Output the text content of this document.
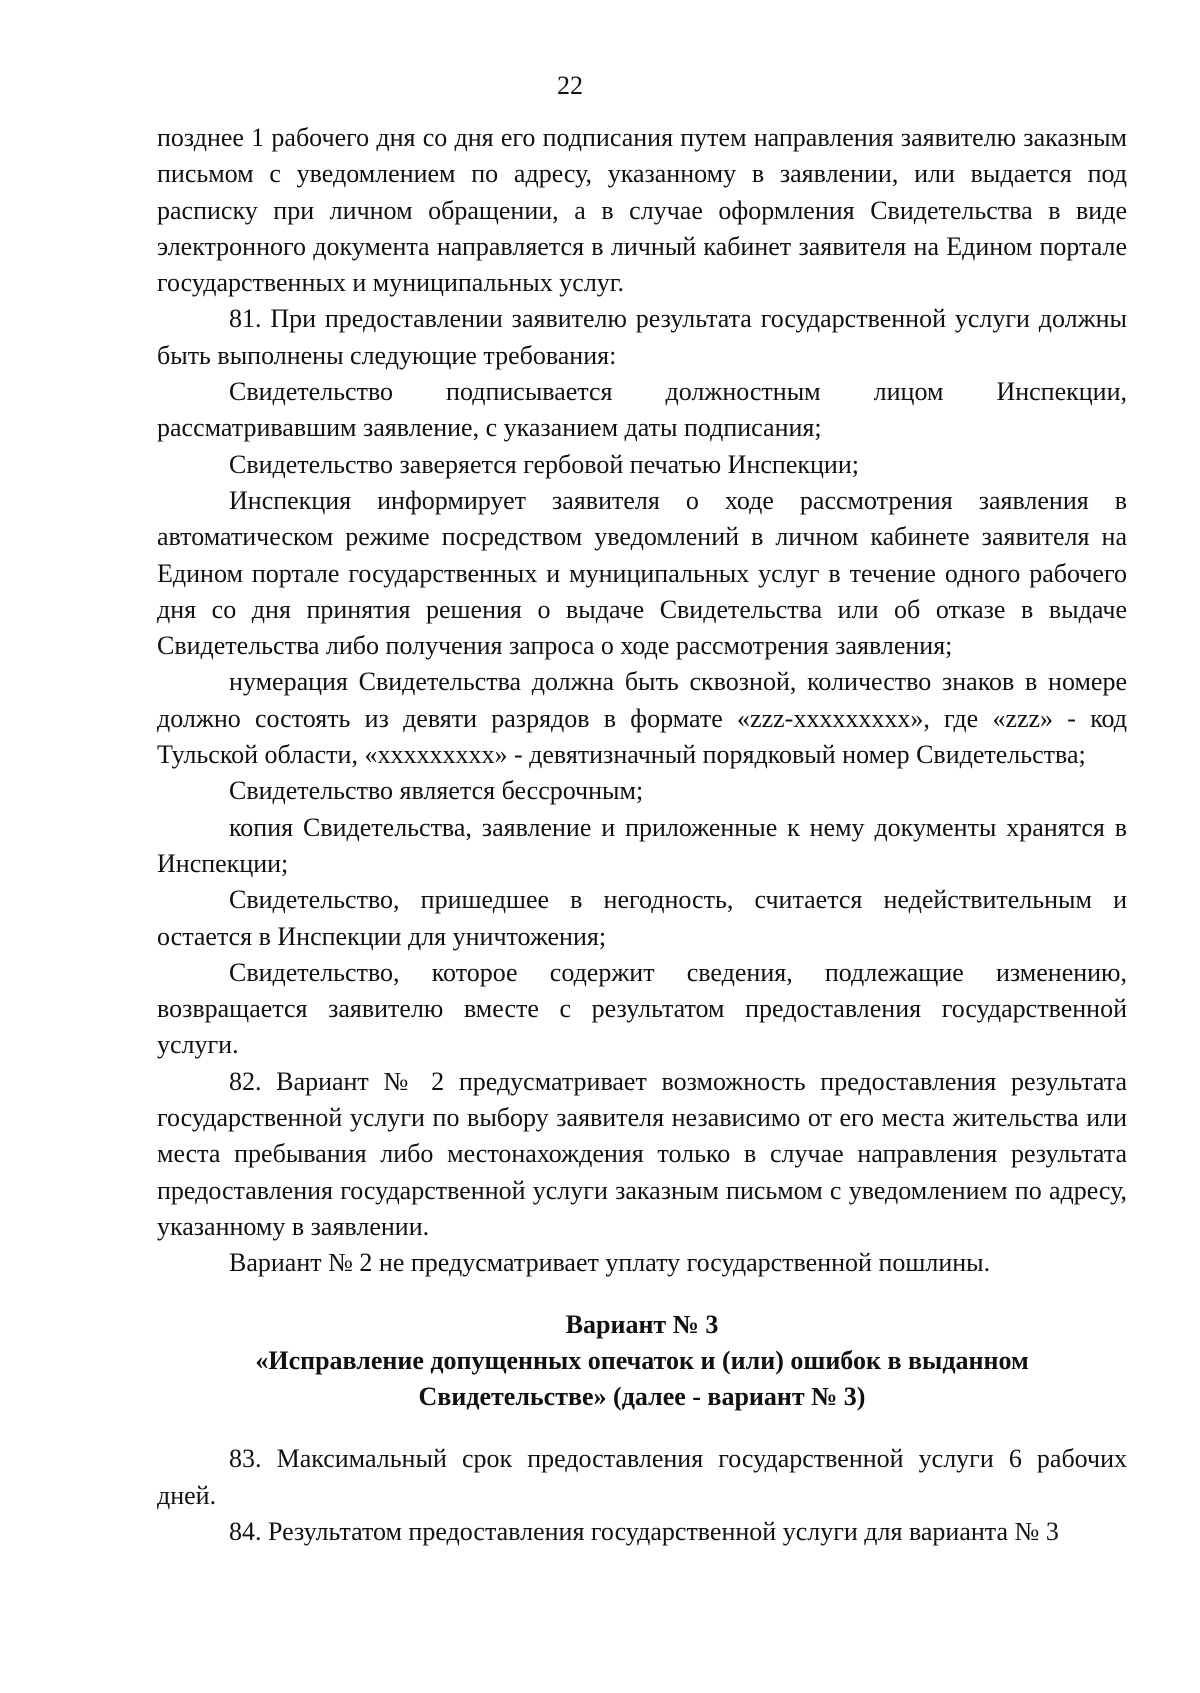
22

позднее 1 рабочего дня со дня его подписания путем направления заявителю заказным письмом с уведомлением по адресу, указанному в заявлении, или выдается под расписку при личном обращении, а в случае оформления Свидетельства в виде электронного документа направляется в личный кабинет заявителя на Едином портале государственных и муниципальных услуг.

81. При предоставлении заявителю результата государственной услуги должны быть выполнены следующие требования:

Свидетельство подписывается должностным лицом Инспекции, рассматривавшим заявление, с указанием даты подписания;

Свидетельство заверяется гербовой печатью Инспекции;

Инспекция информирует заявителя о ходе рассмотрения заявления в автоматическом режиме посредством уведомлений в личном кабинете заявителя на Едином портале государственных и муниципальных услуг в течение одного рабочего дня со дня принятия решения о выдаче Свидетельства или об отказе в выдаче Свидетельства либо получения запроса о ходе рассмотрения заявления;

нумерация Свидетельства должна быть сквозной, количество знаков в номере должно состоять из девяти разрядов в формате «zzz-xxxxxxxxx», где «zzz» - код Тульской области, «xxxxxxxxx» - девятизначный порядковый номер Свидетельства;

Свидетельство является бессрочным;

копия Свидетельства, заявление и приложенные к нему документы хранятся в Инспекции;

Свидетельство, пришедшее в негодность, считается недействительным и остается в Инспекции для уничтожения;

Свидетельство, которое содержит сведения, подлежащие изменению, возвращается заявителю вместе с результатом предоставления государственной услуги.

82. Вариант № 2 предусматривает возможность предоставления результата государственной услуги по выбору заявителя независимо от его места жительства или места пребывания либо местонахождения только в случае направления результата предоставления государственной услуги заказным письмом с уведомлением по адресу, указанному в заявлении.

Вариант № 2 не предусматривает уплату государственной пошлины.

Вариант № 3
«Исправление допущенных опечаток и (или) ошибок в выданном
Свидетельстве» (далее - вариант № 3)

83. Максимальный срок предоставления государственной услуги 6 рабочих дней.

84. Результатом предоставления государственной услуги для варианта № 3
